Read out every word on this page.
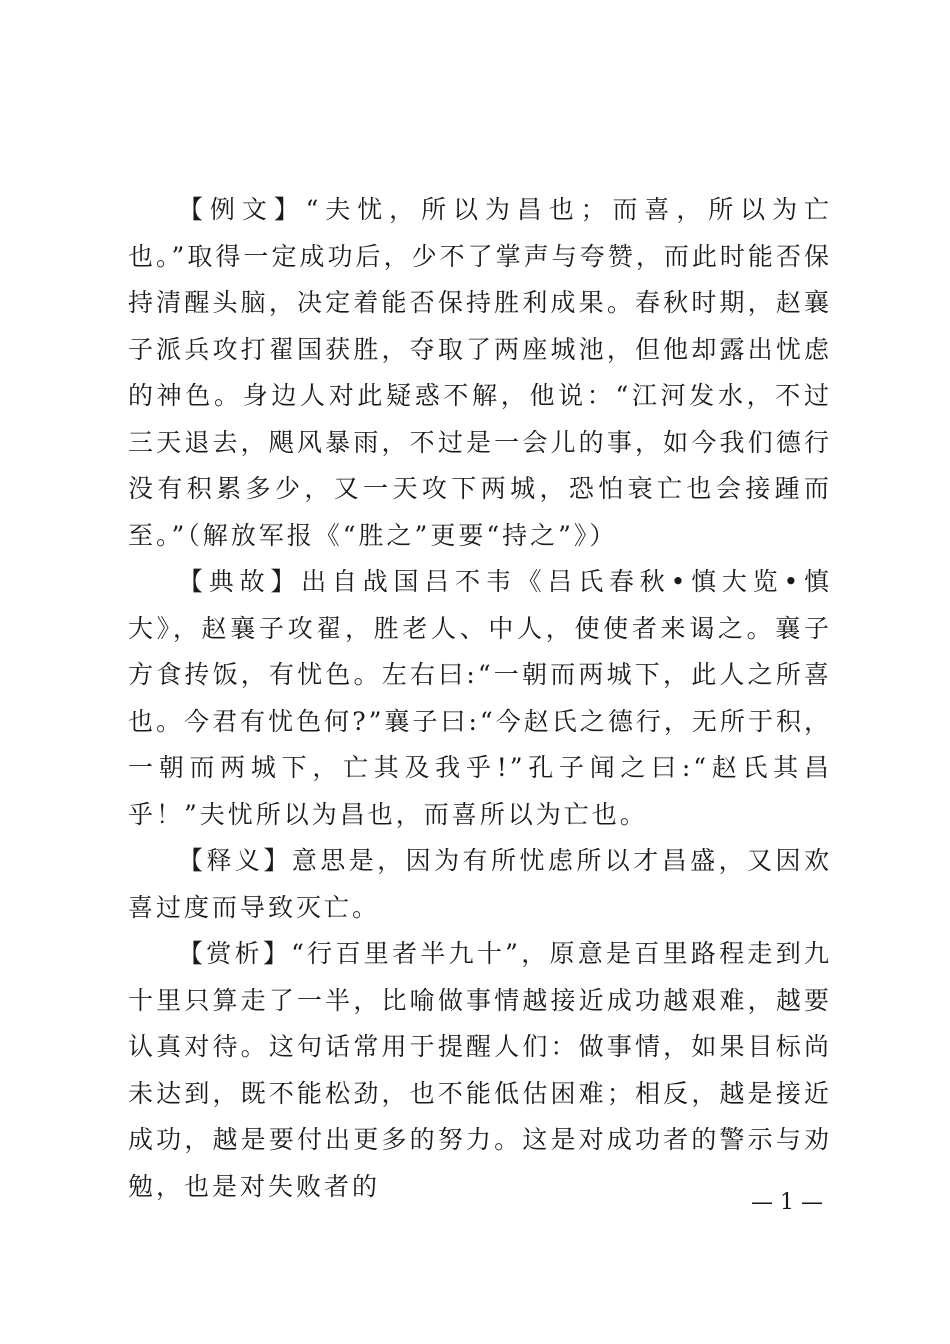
【例文】“夫忧，所以为昌也；而喜，所以为亡也。”取得一定成功后，少不了掌声与夸赞，而此时能否保持清醒头脑，决定着能否保持胜利成果。春秋时期，赵襄子派兵攻打翟国获胜，夺取了两座城池，但他却露出忧虑的神色。身边人对此疑惑不解，他说：“江河发水，不过三天退去，飓风暴雨，不过是一会儿的事，如今我们德行没有积累多少，又一天攻下两城，恐怕衰亡也会接踵而至。”（解放军报《“胜之”更要“持之”》）

【典故】出自战国吕不韦《吕氏春秋•慎大览•慎大》，赵襄子攻翟，胜老人、中人，使使者来谒之。襄子方食抟饭，有忧色。左右曰:“一朝而两城下，此人之所喜也。今君有忧色何?”襄子曰:“今赵氏之德行，无所于积，一朝而两城下，亡其及我乎!”孔子闻之曰:“赵氏其昌乎！”夫忧所以为昌也，而喜所以为亡也。

【释义】意思是，因为有所忧虑所以才昌盛，又因欢喜过度而导致灭亡。

【赏析】“行百里者半九十”，原意是百里路程走到九十里只算走了一半，比喻做事情越接近成功越艰难，越要认真对待。这句话常用于提醒人们：做事情，如果目标尚未达到，既不能松劲，也不能低估困难；相反，越是接近成功，越是要付出更多的努力。这是对成功者的警示与劝勉，也是对失败者的

— 1 —
